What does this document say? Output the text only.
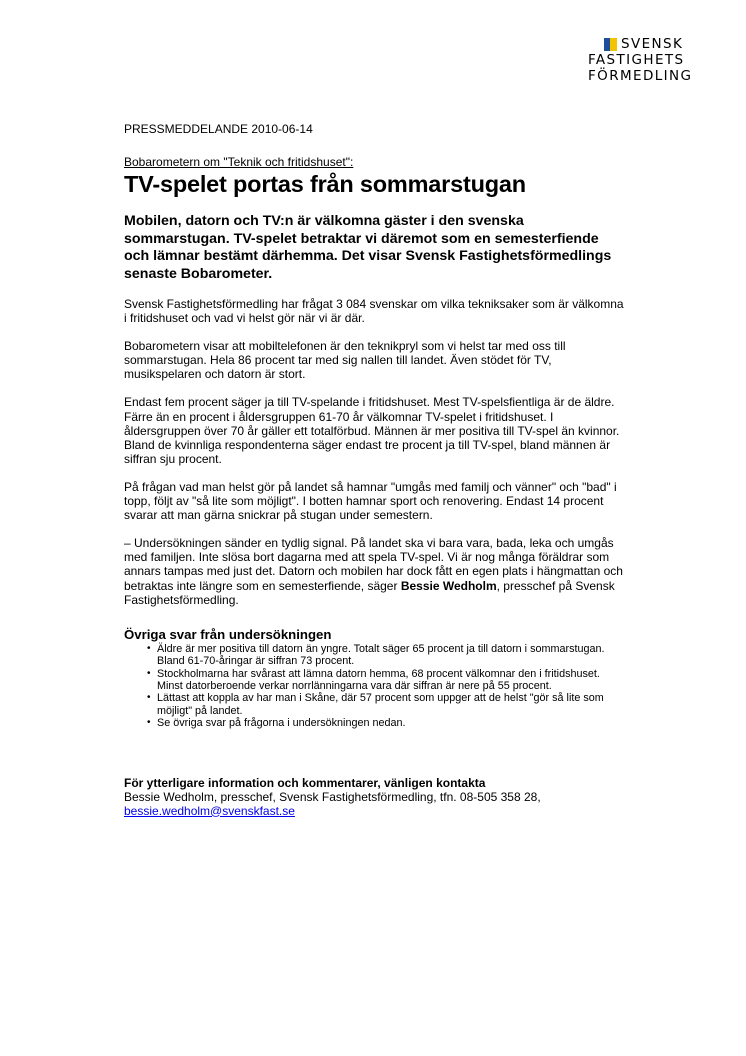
SVENSK
FASTIGHETS
FÖRMEDLING
PRESSMEDDELANDE 2010-06-14

Bobarometern om "Teknik och fritidshuset":

TV-spelet portas från sommarstugan

Mobilen, datorn och TV:n är välkomna gäster i den svenska sommarstugan. TV-spelet betraktar vi däremot som en semesterfiende och lämnar bestämt därhemma. Det visar Svensk Fastighetsförmedlings senaste Bobarometer.

Svensk Fastighetsförmedling har frågat 3 084 svenskar om vilka tekniksaker som är välkomna i fritidshuset och vad vi helst gör när vi är där.

Bobarometern visar att mobiltelefonen är den teknikpryl som vi helst tar med oss till sommarstugan. Hela 86 procent tar med sig nallen till landet. Även stödet för TV, musikspelaren och datorn är stort.

Endast fem procent säger ja till TV-spelande i fritidshuset. Mest TV-spelsfientliga är de äldre. Färre än en procent i åldersgruppen 61-70 år välkomnar TV-spelet i fritidshuset. I åldersgruppen över 70 år gäller ett totalförbud. Männen är mer positiva till TV-spel än kvinnor. Bland de kvinnliga respondenterna säger endast tre procent ja till TV-spel, bland männen är siffran sju procent.

På frågan vad man helst gör på landet så hamnar "umgås med familj och vänner" och "bad" i topp, följt av "så lite som möjligt". I botten hamnar sport och renovering. Endast 14 procent svarar att man gärna snickrar på stugan under semestern.

– Undersökningen sänder en tydlig signal. På landet ska vi bara vara, bada, leka och umgås med familjen. Inte slösa bort dagarna med att spela TV-spel. Vi är nog många föräldrar som annars tampas med just det. Datorn och mobilen har dock fått en egen plats i hängmattan och betraktas inte längre som en semesterfiende, säger Bessie Wedholm, presschef på Svensk Fastighetsförmedling.

Övriga svar från undersökningen
• Äldre är mer positiva till datorn än yngre. Totalt säger 65 procent ja till datorn i sommarstugan. Bland 61-70-åringar är siffran 73 procent.
• Stockholmarna har svårast att lämna datorn hemma, 68 procent välkomnar den i fritidshuset. Minst datorberoende verkar norrlänningarna vara där siffran är nere på 55 procent.
• Lättast att koppla av har man i Skåne, där 57 procent som uppger att de helst "gör så lite som möjligt" på landet.
• Se övriga svar på frågorna i undersökningen nedan.
För ytterligare information och kommentarer, vänligen kontakta
Bessie Wedholm, presschef, Svensk Fastighetsförmedling, tfn. 08-505 358 28,
bessie.wedholm@svenskfast.se
